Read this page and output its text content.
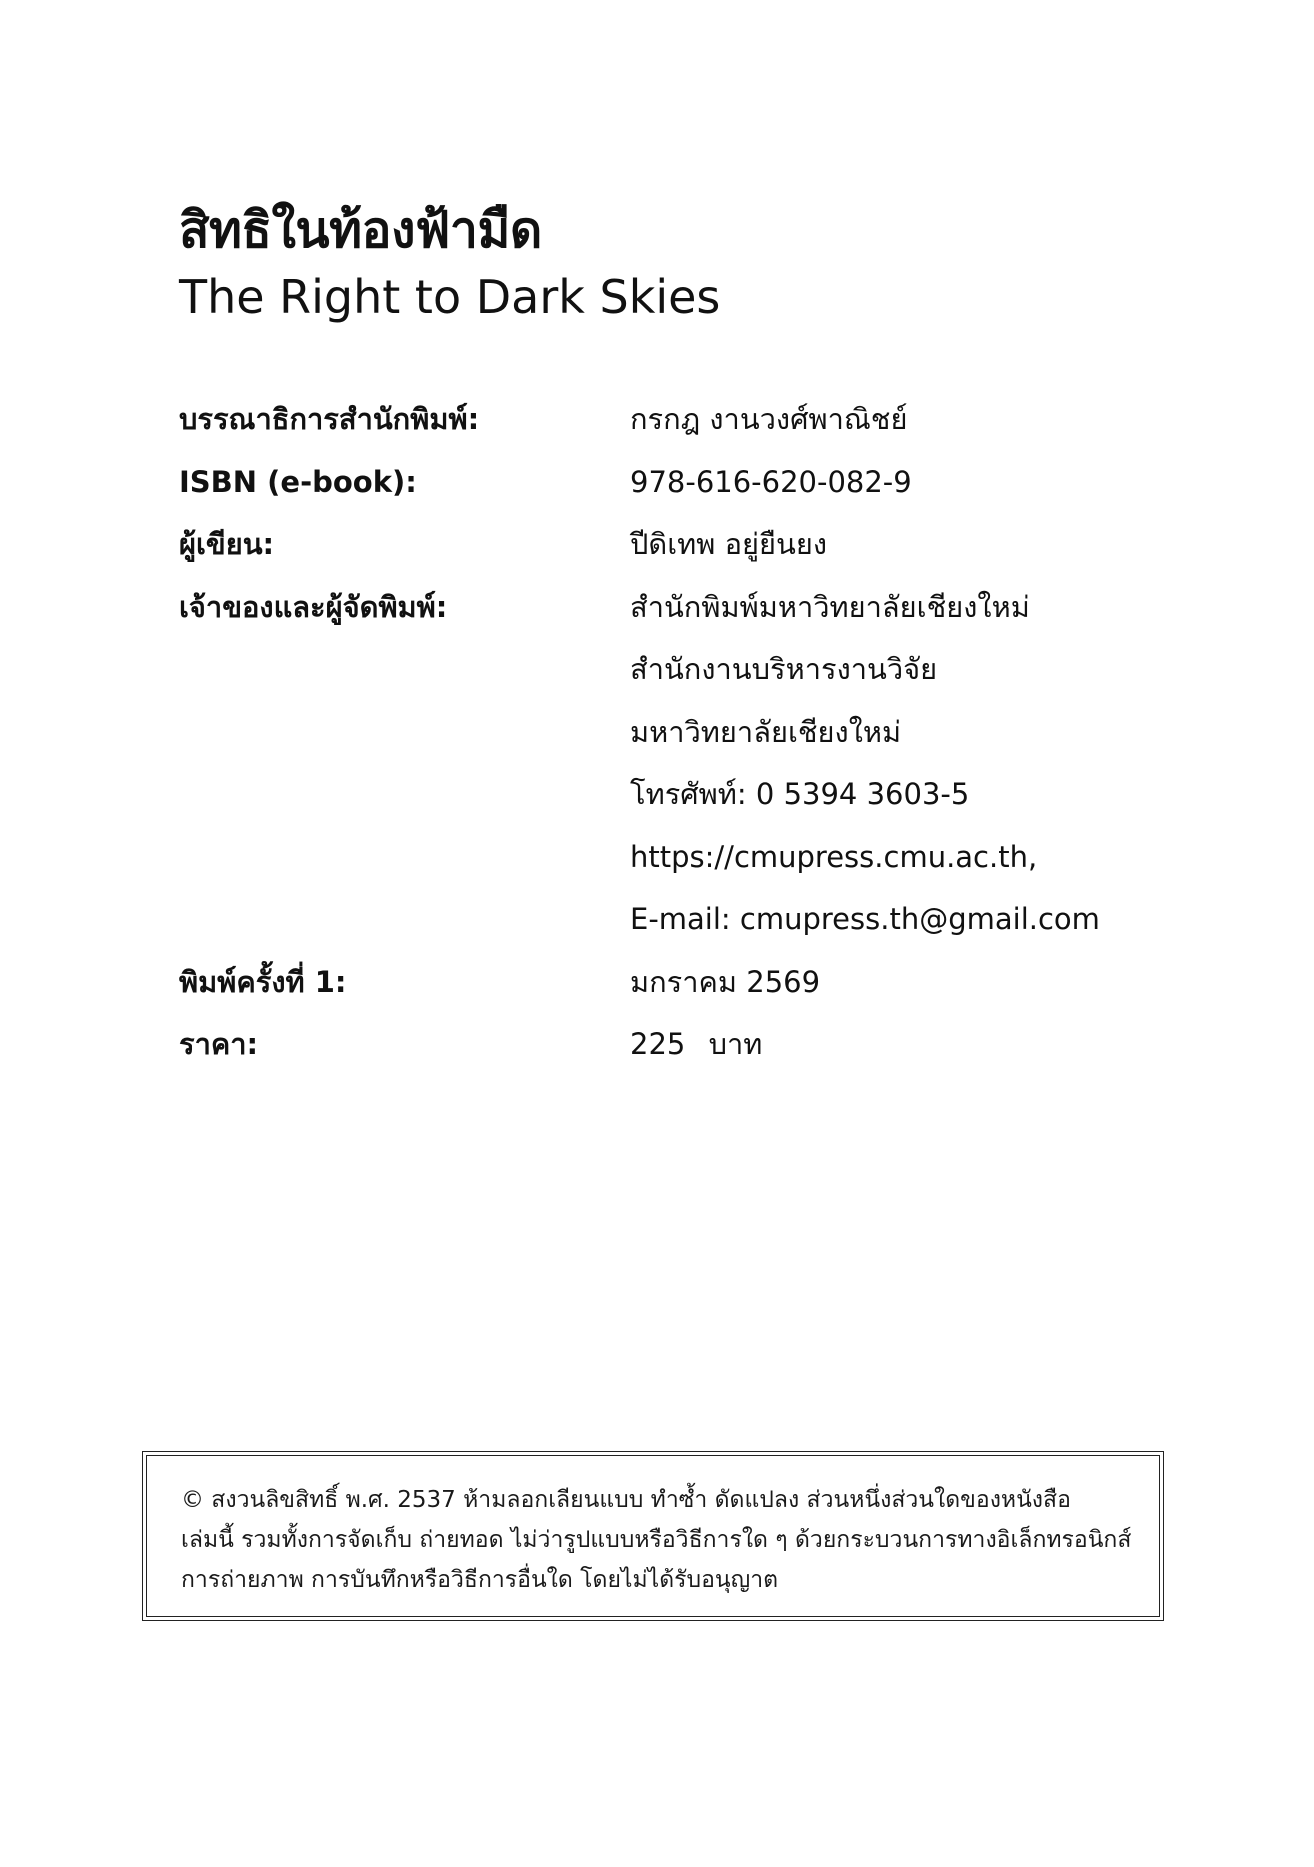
สิทธิในท้องฟ้ามืด
The Right to Dark Skies
บรรณาธิการสำนักพิมพ์:	กรกฎ งานวงศ์พาณิชย์
ISBN (e-book):	978-616-620-082-9
ผู้เขียน:	ปีดิเทพ อยู่ยืนยง
เจ้าของและผู้จัดพิมพ์:	สำนักพิมพ์มหาวิทยาลัยเชียงใหม่
สำนักงานบริหารงานวิจัย
มหาวิทยาลัยเชียงใหม่
โทรศัพท์: 0 5394 3603-5
https://cmupress.cmu.ac.th,
E-mail: cmupress.th@gmail.com
พิมพ์ครั้งที่ 1:	มกราคม 2569
ราคา:	225 บาท
© สงวนลิขสิทธิ์ พ.ศ. 2537 ห้ามลอกเลียนแบบ ทำซ้ำ ดัดแปลง ส่วนหนึ่งส่วนใดของหนังสือ
เล่มนี้ รวมทั้งการจัดเก็บ ถ่ายทอด ไม่ว่ารูปแบบหรือวิธีการใด ๆ ด้วยกระบวนการทางอิเล็กทรอนิกส์
การถ่ายภาพ การบันทึกหรือวิธีการอื่นใด โดยไม่ได้รับอนุญาต
